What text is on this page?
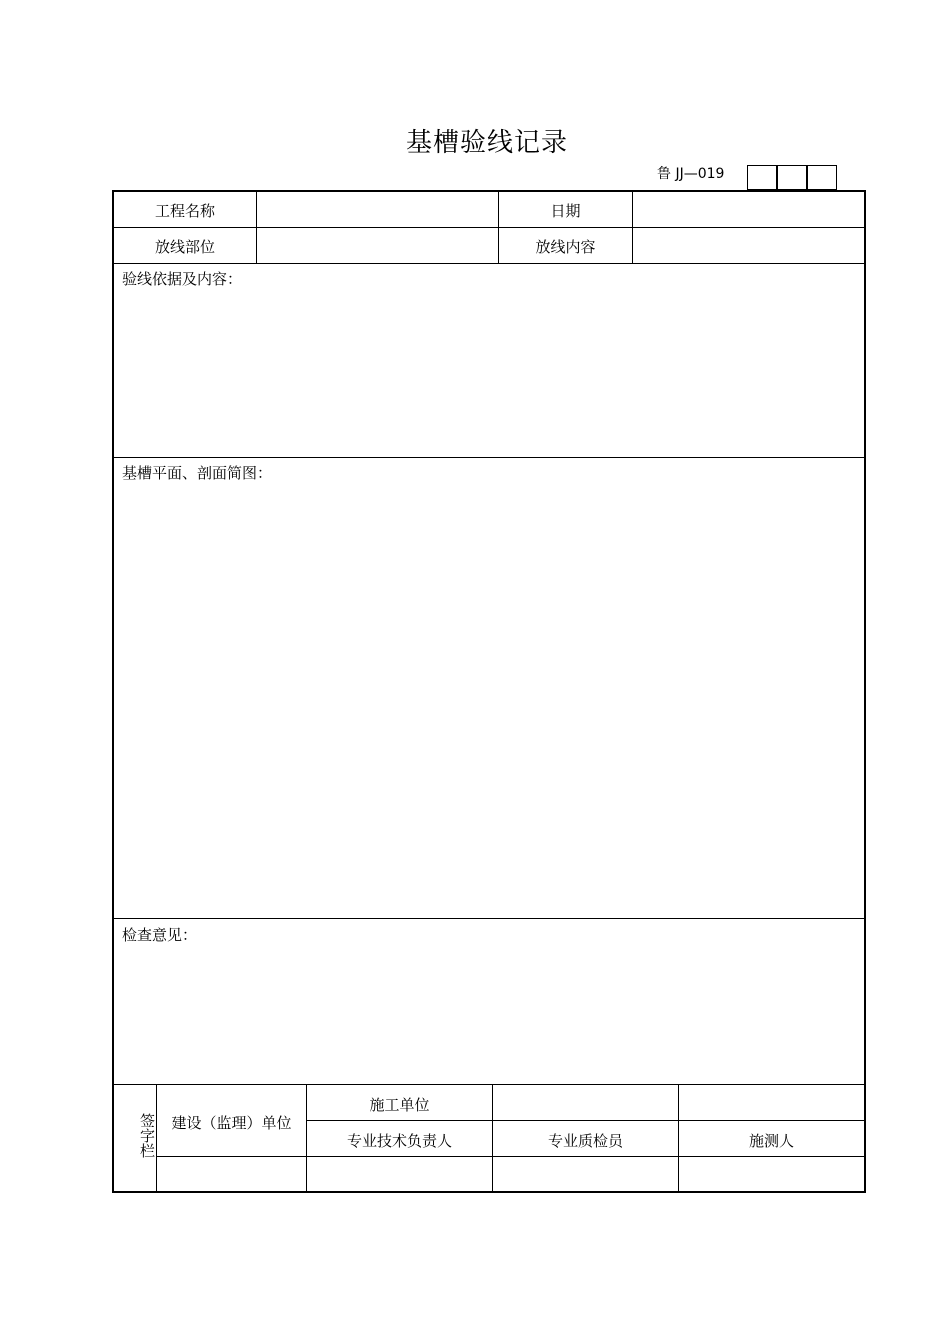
基槽验线记录
鲁 JJ—019
工程名称	日期
放线部位	放线内容
验线依据及内容：
基槽平面、剖面简图：
检查意见：
签字栏	建设（监理）单位
施工单位
专业技术负责人	专业质检员	施测人
